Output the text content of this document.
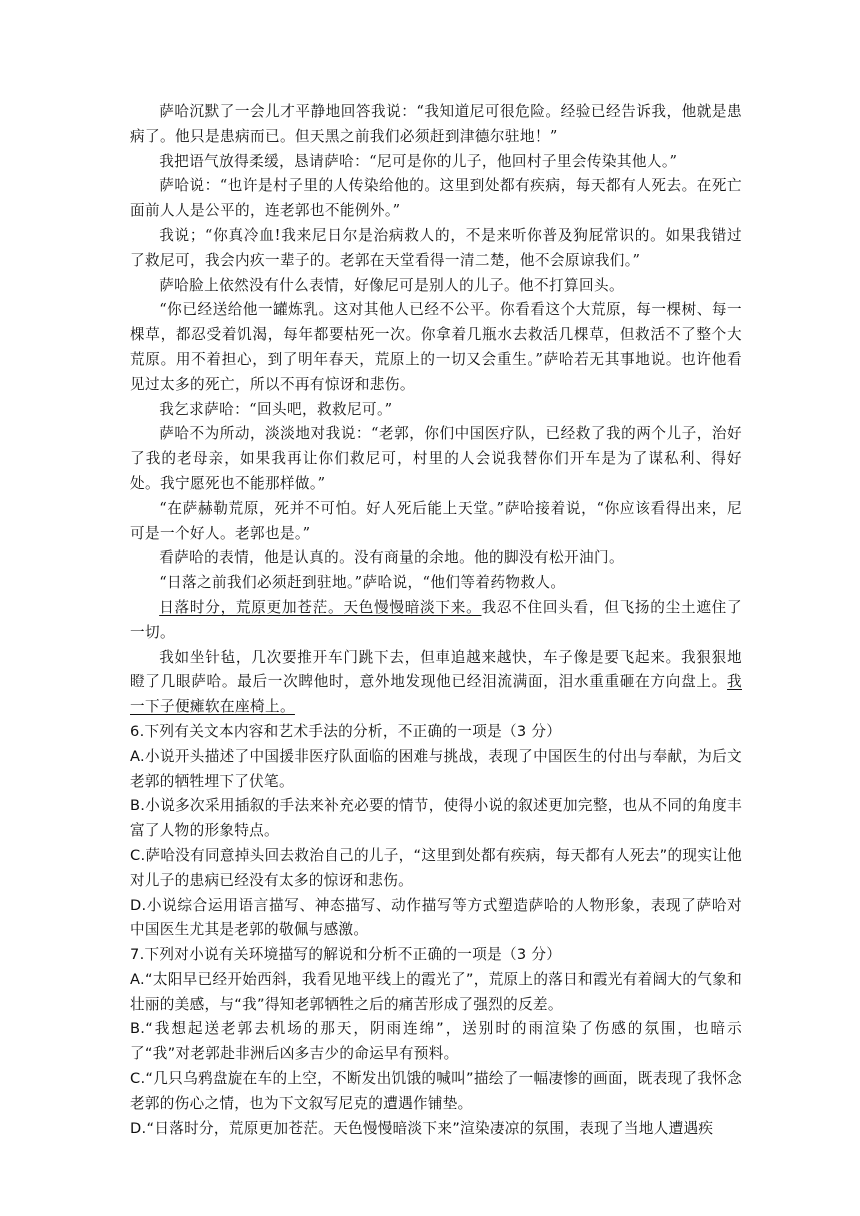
萨哈沉默了一会儿才平静地回答我说：“我知道尼可很危险。经验已经告诉我，他就是患病了。他只是患病而已。但天黑之前我们必须赶到津德尔驻地！”

我把语气放得柔缓，恳请萨哈：“尼可是你的儿子，他回村子里会传染其他人。”

萨哈说：“也许是村子里的人传染给他的。这里到处都有疾病，每天都有人死去。在死亡面前人人是公平的，连老郭也不能例外。”

我说；“你真冷血!我来尼日尔是治病救人的，不是来听你普及狗屁常识的。如果我错过了救尼可，我会内疚一辈子的。老郭在天堂看得一清二楚，他不会原谅我们。”

萨哈脸上依然没有什么表情，好像尼可是别人的儿子。他不打算回头。

“你已经送给他一罐炼乳。这对其他人已经不公平。你看看这个大荒原，每一棵树、每一棵草，都忍受着饥渴，每年都要枯死一次。你拿着几瓶水去救活几棵草，但救活不了整个大荒原。用不着担心，到了明年春天，荒原上的一切又会重生。”萨哈若无其事地说。也许他看见过太多的死亡，所以不再有惊讶和悲伤。

我乞求萨哈：“回头吧，救救尼可。”

萨哈不为所动，淡淡地对我说：“老郭，你们中国医疗队，已经救了我的两个儿子，治好了我的老母亲，如果我再让你们救尼可，村里的人会说我替你们开车是为了谋私利、得好处。我宁愿死也不能那样做。”

“在萨赫勒荒原，死并不可怕。好人死后能上天堂。”萨哈接着说，“你应该看得出来，尼可是一个好人。老郭也是。”

看萨哈的表情，他是认真的。没有商量的余地。他的脚没有松开油门。

“日落之前我们必须赶到驻地。”萨哈说，“他们等着药物救人。

日落时分，荒原更加苍茫。天色慢慢暗淡下来。我忍不住回头看，但飞扬的尘土遮住了一切。

我如坐针毡，几次要推开车门跳下去，但車追越来越快，车子像是要飞起来。我狠狠地瞪了几眼萨哈。最后一次睥他时，意外地发现他已经泪流满面，泪水重重砸在方向盘上。我一下子便瘫软在座椅上。

6.下列有关文本内容和艺术手法的分析，不正确的一项是（3 分）

A.小说开头描述了中国援非医疗队面临的困难与挑战，表现了中国医生的付出与奉献，为后文老郭的牺牲埋下了伏笔。

B.小说多次采用插叙的手法来补充必要的情节，使得小说的叙述更加完整，也从不同的角度丰富了人物的形象特点。

C.萨哈没有同意掉头回去救治自己的儿子，“这里到处都有疾病，每天都有人死去”的现实让他对儿子的患病已经没有太多的惊讶和悲伤。

D.小说综合运用语言描写、神态描写、动作描写等方式塑造萨哈的人物形象，表现了萨哈对中国医生尤其是老郭的敬佩与感激。

7.下列对小说有关环境描写的解说和分析不正确的一项是（3 分）

A.“太阳早已经开始西斜，我看见地平线上的霞光了”，荒原上的落日和霞光有着阔大的气象和壮丽的美感，与“我”得知老郭牺牲之后的痛苦形成了强烈的反差。

B.“我想起送老郭去机场的那天，阴雨连绵”，送别时的雨渲染了伤感的氛围，也暗示了“我”对老郭赴非洲后凶多吉少的命运早有预料。

C.“几只乌鸦盘旋在车的上空，不断发出饥饿的喊叫”描绘了一幅凄惨的画面，既表现了我怀念老郭的伤心之情，也为下文叙写尼克的遭遇作铺垫。

D.“日落时分，荒原更加苍茫。天色慢慢暗淡下来”渲染凄凉的氛围，表现了当地人遭遇疾
